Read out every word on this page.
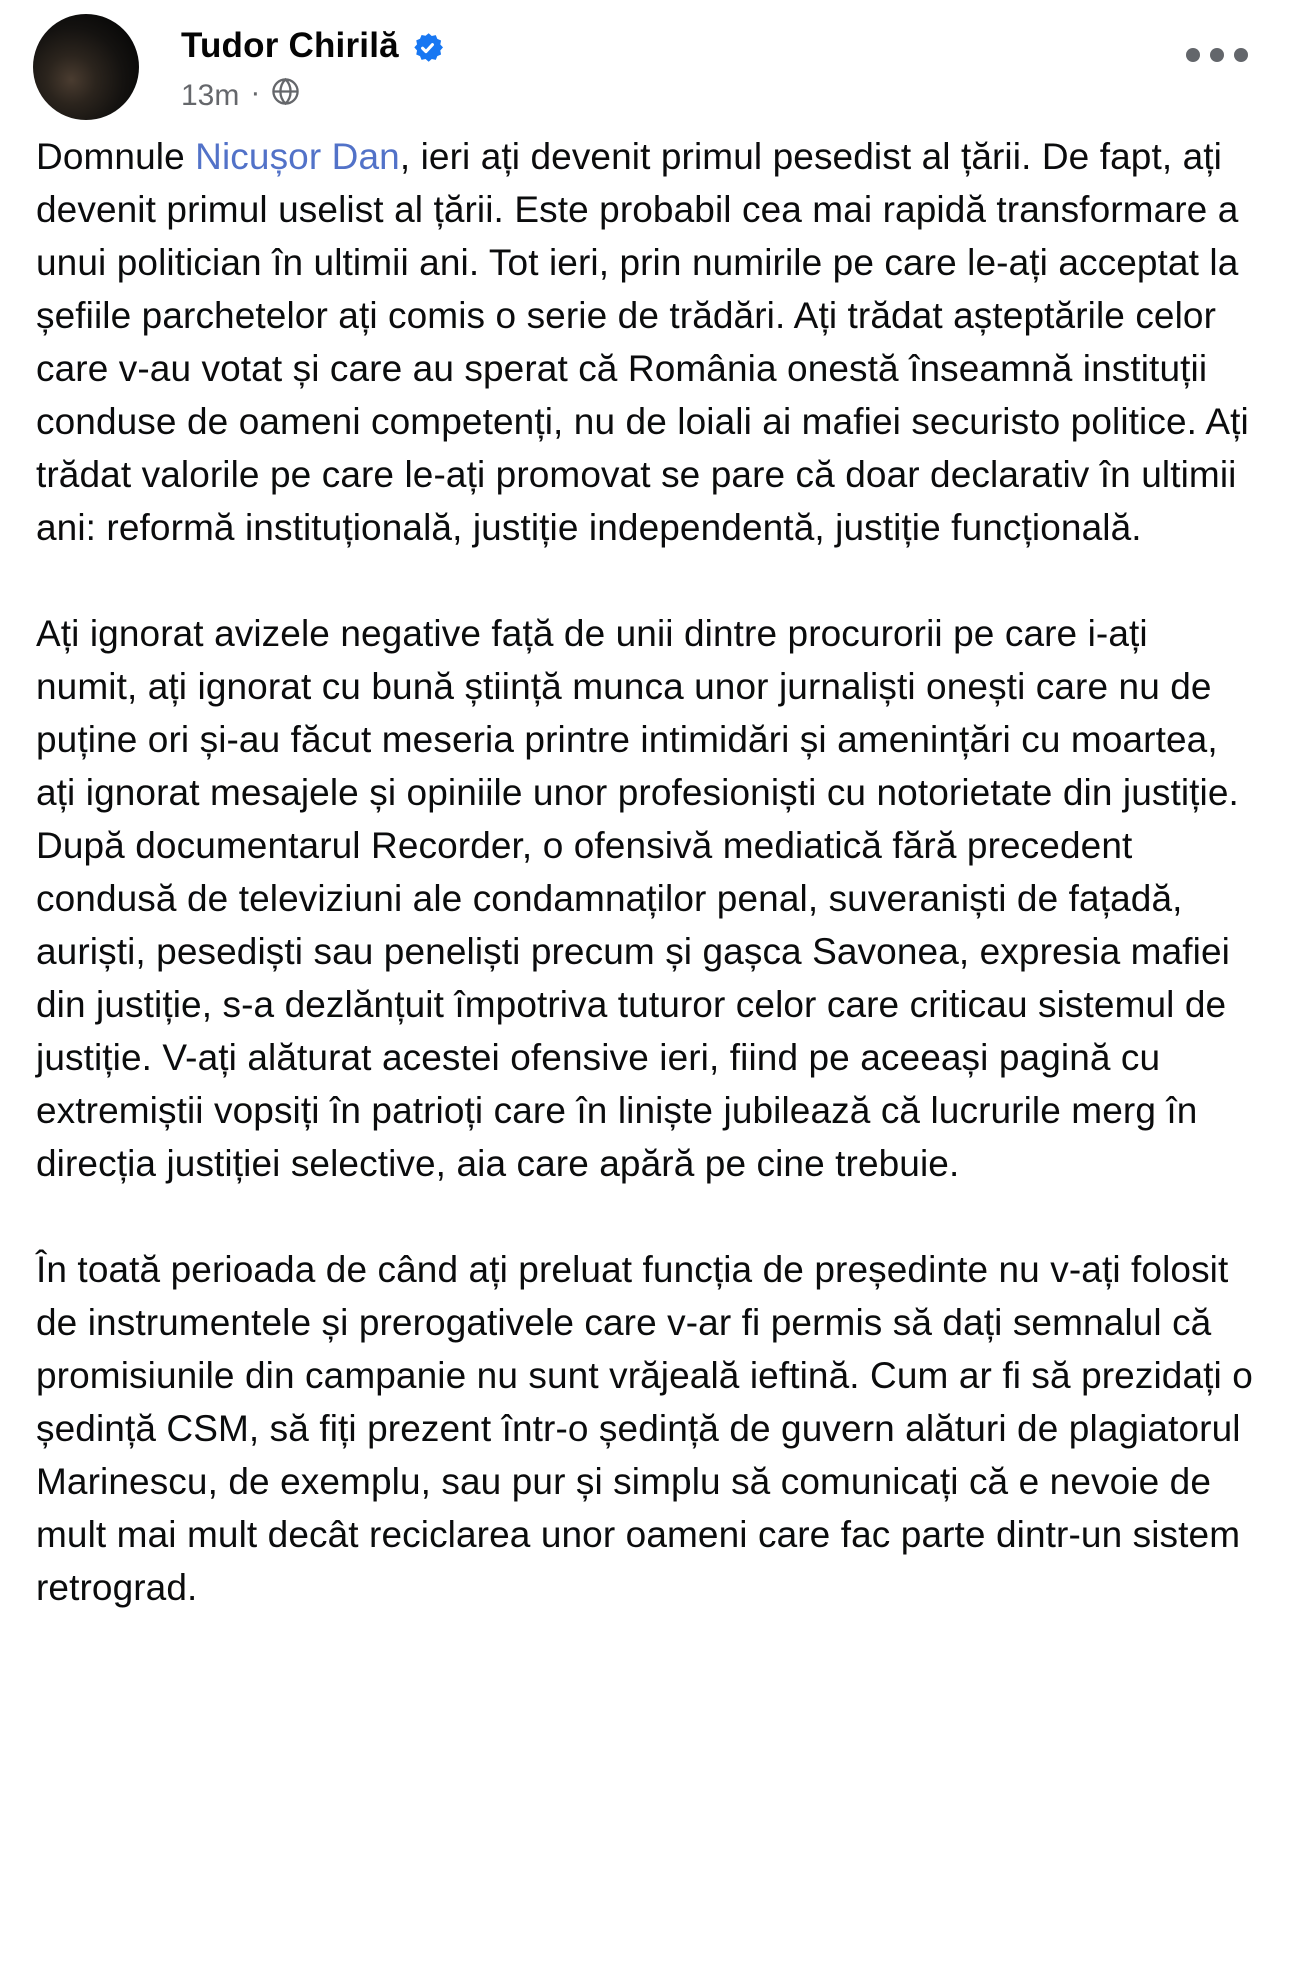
Tudor Chirilă
13m ·

Domnule Nicușor Dan, ieri ați devenit primul pesedist al țării. De fapt, ați devenit primul uselist al țării. Este probabil cea mai rapidă transformare a unui politician în ultimii ani. Tot ieri, prin numirile pe care le-ați acceptat la șefiile parchetelor ați comis o serie de trădări. Ați trădat așteptările celor care v-au votat și care au sperat că România onestă înseamnă instituții conduse de oameni competenți, nu de loiali ai mafiei securisto politice. Ați trădat valorile pe care le-ați promovat se pare că doar declarativ în ultimii ani: reformă instituțională, justiție independentă, justiție funcțională.

Ați ignorat avizele negative față de unii dintre procurorii pe care i-ați numit, ați ignorat cu bună știință munca unor jurnaliști onești care nu de puține ori și-au făcut meseria printre intimidări și amenințări cu moartea, ați ignorat mesajele și opiniile unor profesioniști cu notorietate din justiție. După documentarul Recorder, o ofensivă mediatică fără precedent condusă de televiziuni ale condamnaților penal, suveraniști de fațadă, auriști, pesediști sau peneliști precum și gașca Savonea, expresia mafiei din justiție, s-a dezlănțuit împotriva tuturor celor care criticau sistemul de justiție. V-ați alăturat acestei ofensive ieri, fiind pe aceeași pagină cu extremiștii vopsiți în patrioți care în liniște jubilează că lucrurile merg în direcția justiției selective, aia care apără pe cine trebuie.

În toată perioada de când ați preluat funcția de președinte nu v-ați folosit de instrumentele și prerogativele care v-ar fi permis să dați semnalul că promisiunile din campanie nu sunt vrăjeală ieftină. Cum ar fi să prezidați o ședință CSM, să fiți prezent într-o ședință de guvern alături de plagiatorul Marinescu, de exemplu, sau pur și simplu să comunicați că e nevoie de mult mai mult decât reciclarea unor oameni care fac parte dintr-un sistem retrograd.
